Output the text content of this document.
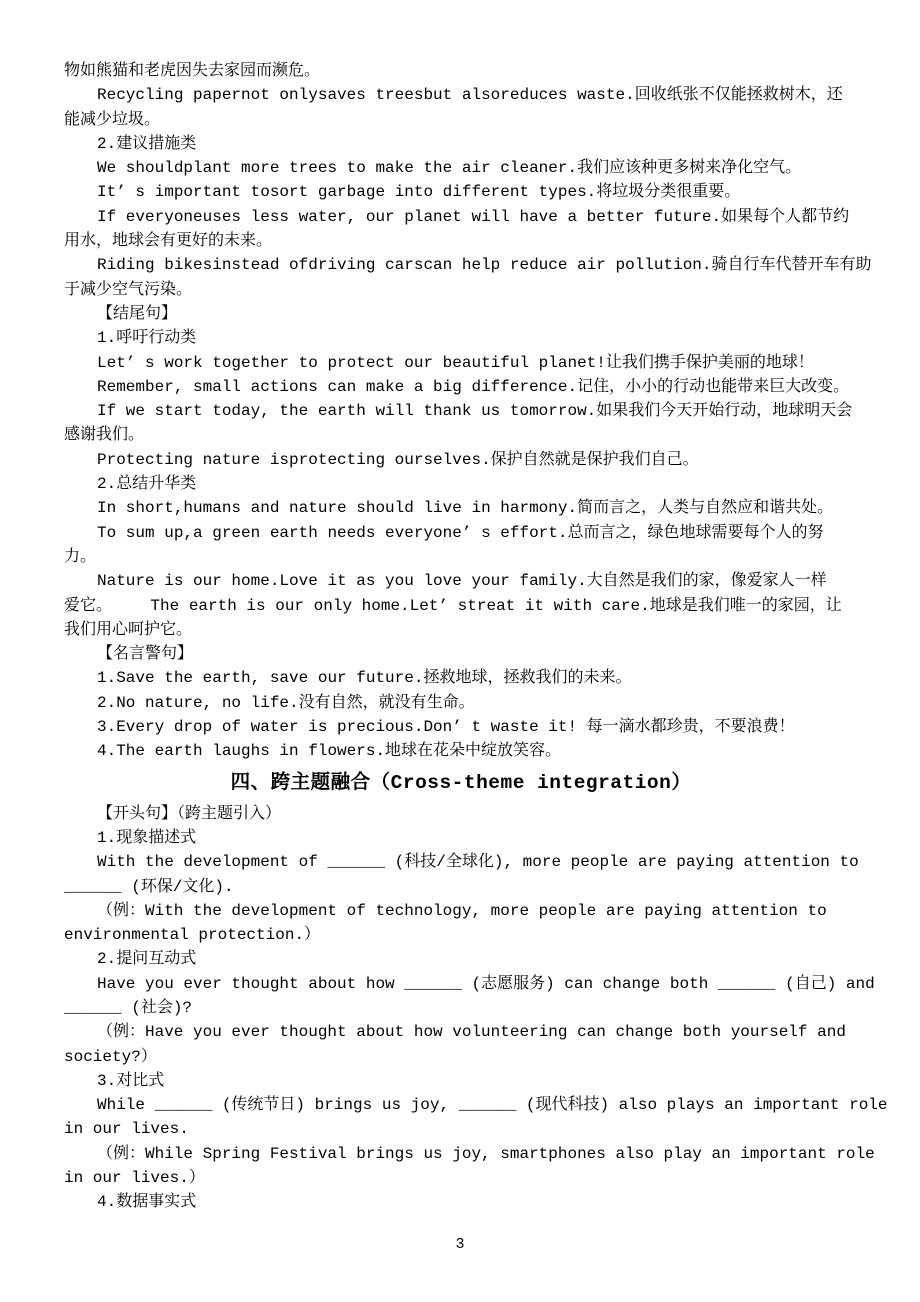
物如熊猫和老虎因失去家园而濒危。
Recycling papernot onlysaves treesbut alsoreduces waste.回收纸张不仅能拯救树木，还
能减少垃圾。
2.建议措施类
We shouldplant more trees to make the air cleaner.我们应该种更多树来净化空气。
It’ s important tosort garbage into different types.将垃圾分类很重要。
If everyoneuses less water, our planet will have a better future.如果每个人都节约
用水，地球会有更好的未来。
Riding bikesinstead ofdriving carscan help reduce air pollution.骑自行车代替开车有助
于减少空气污染。
【结尾句】
1.呼吁行动类
Let’ s work together to protect our beautiful planet!让我们携手保护美丽的地球！
Remember, small actions can make a big difference.记住，小小的行动也能带来巨大改变。
If we start today, the earth will thank us tomorrow.如果我们今天开始行动，地球明天会
感谢我们。
Protecting nature isprotecting ourselves.保护自然就是保护我们自己。
2.总结升华类
In short,humans and nature should live in harmony.简而言之，人类与自然应和谐共处。
To sum up,a green earth needs everyone’ s effort.总而言之，绿色地球需要每个人的努
力。
Nature is our home.Love it as you love your family.大自然是我们的家，像爱家人一样
爱它。    The earth is our only home.Let’ streat it with care.地球是我们唯一的家园，让
我们用心呵护它。
【名言警句】
1.Save the earth, save our future.拯救地球，拯救我们的未来。
2.No nature, no life.没有自然，就没有生命。
3.Every drop of water is precious.Don’ t waste it! 每一滴水都珍贵，不要浪费！
4.The earth laughs in flowers.地球在花朵中绽放笑容。
四、跨主题融合（Cross-theme integration）
【开头句】（跨主题引入）
1.现象描述式
With the development of ______ (科技/全球化), more people are paying attention to
______ (环保/文化).
（例：With the development of technology, more people are paying attention to
environmental protection.）
2.提问互动式
Have you ever thought about how ______ (志愿服务) can change both ______ (自己) and
______ (社会)?
（例：Have you ever thought about how volunteering can change both yourself and
society?）
3.对比式
While ______ (传统节日) brings us joy, ______ (现代科技) also plays an important role
in our lives.
（例：While Spring Festival brings us joy, smartphones also play an important role
in our lives.）
4.数据事实式
3
